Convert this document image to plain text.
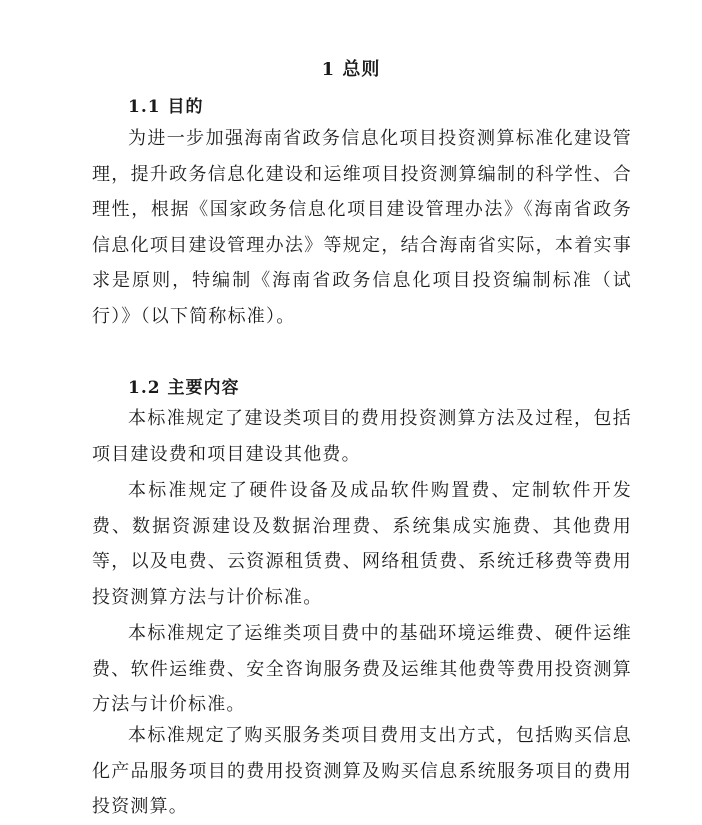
1 总则
1.1 目的

为进一步加强海南省政务信息化项目投资测算标准化建设管理，提升政务信息化建设和运维项目投资测算编制的科学性、合理性，根据《国家政务信息化项目建设管理办法》《海南省政务信息化项目建设管理办法》等规定，结合海南省实际，本着实事求是原则，特编制《海南省政务信息化项目投资编制标准（试行）》（以下简称标准）。

1.2 主要内容

本标准规定了建设类项目的费用投资测算方法及过程，包括项目建设费和项目建设其他费。

本标准规定了硬件设备及成品软件购置费、定制软件开发费、数据资源建设及数据治理费、系统集成实施费、其他费用等，以及电费、云资源租赁费、网络租赁费、系统迁移费等费用投资测算方法与计价标准。

本标准规定了运维类项目费中的基础环境运维费、硬件运维费、软件运维费、安全咨询服务费及运维其他费等费用投资测算方法与计价标准。

本标准规定了购买服务类项目费用支出方式，包括购买信息化产品服务项目的费用投资测算及购买信息系统服务项目的费用投资测算。
